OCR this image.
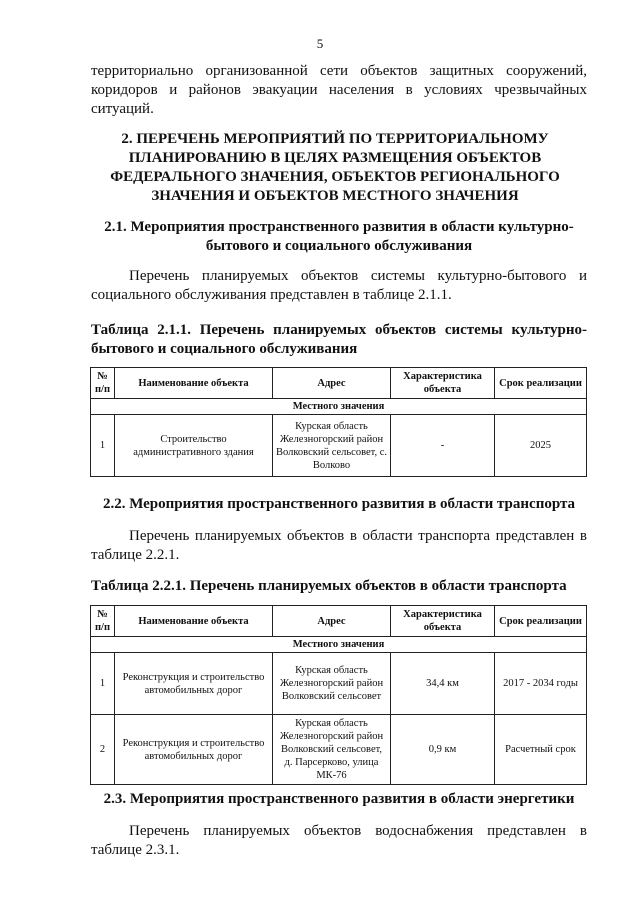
5

территориально организованной сети объектов защитных сооружений, коридоров и районов эвакуации населения в условиях чрезвычайных ситуаций.

2. ПЕРЕЧЕНЬ МЕРОПРИЯТИЙ ПО ТЕРРИТОРИАЛЬНОМУ ПЛАНИРОВАНИЮ В ЦЕЛЯХ РАЗМЕЩЕНИЯ ОБЪЕКТОВ ФЕДЕРАЛЬНОГО ЗНАЧЕНИЯ, ОБЪЕКТОВ РЕГИОНАЛЬНОГО ЗНАЧЕНИЯ И ОБЪЕКТОВ МЕСТНОГО ЗНАЧЕНИЯ
2.1. Мероприятия пространственного развития в области культурно-бытового и социального обслуживания

Перечень планируемых объектов системы культурно-бытового и социального обслуживания представлен в таблице 2.1.1.

Таблица 2.1.1. Перечень планируемых объектов системы культурно-бытового и социального обслуживания

№ п/п	Наименование объекта	Адрес	Характеристика объекта	Срок реализации
Местного значения				
1	Строительство административного здания	Курская область Железногорский район Волковский сельсовет, с. Волково	-	2025
2.2. Мероприятия пространственного развития в области транспорта

Перечень планируемых объектов в области транспорта представлен в таблице 2.2.1.

Таблица 2.2.1. Перечень планируемых объектов в области транспорта

№ п/п	Наименование объекта	Адрес	Характеристика объекта	Срок реализации
Местного значения				
1	Реконструкция и строительство автомобильных дорог	Курская область Железногорский район Волковский сельсовет	34,4 км	2017 - 2034 годы
2	Реконструкция и строительство автомобильных дорог	Курская область Железногорский район Волковский сельсовет, д. Парсерково, улица МК-76	0,9 км	Расчетный срок
2.3. Мероприятия пространственного развития в области энергетики

Перечень планируемых объектов водоснабжения представлен в таблице 2.3.1.
